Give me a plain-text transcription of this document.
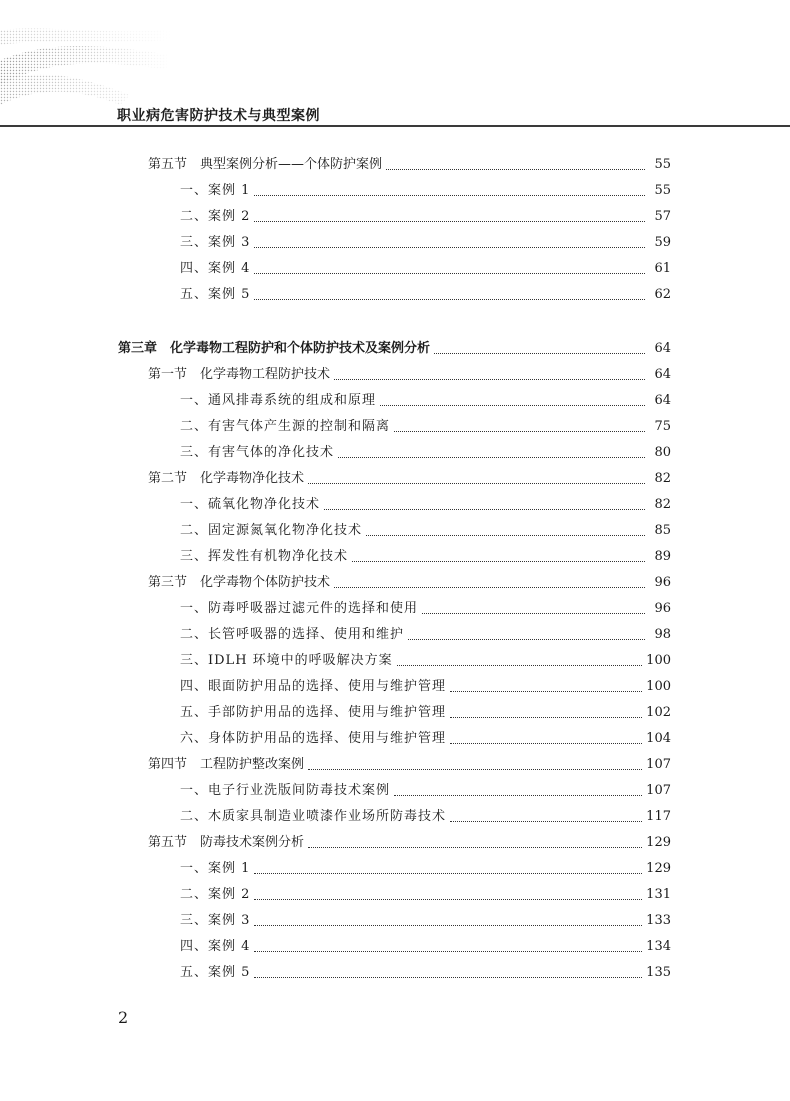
职业病危害防护技术与典型案例
第五节　典型案例分析——个体防护案例	55
一、案例 1	55
二、案例 2	57
三、案例 3	59
四、案例 4	61
五、案例 5	62
第三章　化学毒物工程防护和个体防护技术及案例分析	64
第一节　化学毒物工程防护技术	64
一、通风排毒系统的组成和原理	64
二、有害气体产生源的控制和隔离	75
三、有害气体的净化技术	80
第二节　化学毒物净化技术	82
一、硫氧化物净化技术	82
二、固定源氮氧化物净化技术	85
三、挥发性有机物净化技术	89
第三节　化学毒物个体防护技术	96
一、防毒呼吸器过滤元件的选择和使用	96
二、长管呼吸器的选择、使用和维护	98
三、IDLH 环境中的呼吸解决方案	100
四、眼面防护用品的选择、使用与维护管理	100
五、手部防护用品的选择、使用与维护管理	102
六、身体防护用品的选择、使用与维护管理	104
第四节　工程防护整改案例	107
一、电子行业洗版间防毒技术案例	107
二、木质家具制造业喷漆作业场所防毒技术	117
第五节　防毒技术案例分析	129
一、案例 1	129
二、案例 2	131
三、案例 3	133
四、案例 4	134
五、案例 5	135
2
